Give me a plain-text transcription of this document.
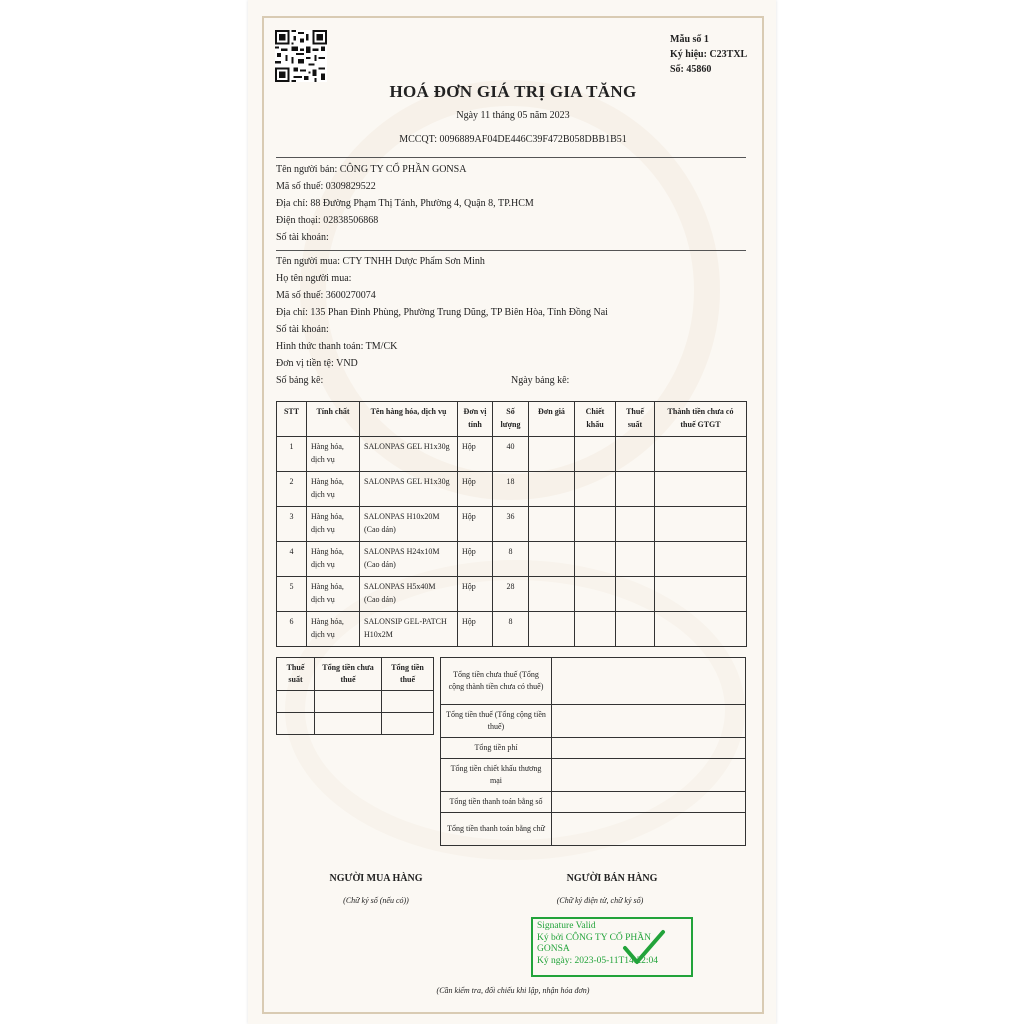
Mẫu số 1
Ký hiệu: C23TXL
Số: 45860
HOÁ ĐƠN GIÁ TRỊ GIA TĂNG
Ngày 11 tháng 05 năm 2023
MCCQT: 0096889AF04DE446C39F472B058DBB1B51
Tên người bán: CÔNG TY CỔ PHẦN GONSA
Mã số thuế: 0309829522
Địa chỉ: 88 Đường Phạm Thị Tánh, Phường 4, Quận 8, TP.HCM
Điện thoại: 02838506868
Số tài khoản:
Tên người mua: CTY TNHH Dược Phẩm Sơn Minh
Họ tên người mua:
Mã số thuế: 3600270074
Địa chỉ: 135 Phan Đình Phùng, Phường Trung Dũng, TP Biên Hòa, Tỉnh Đồng Nai
Số tài khoản:
Hình thức thanh toán: TM/CK
Đơn vị tiền tệ: VND
Số bảng kê:	Ngày bảng kê:
STT	Tính chất	Tên hàng hóa, dịch vụ	Đơn vị tính	Số lượng	Đơn giá	Chiết khấu	Thuế suất	Thành tiền chưa có thuế GTGT
1	Hàng hóa, dịch vụ	SALONPAS GEL H1x30g	Hộp	40				
2	Hàng hóa, dịch vụ	SALONPAS GEL H1x30g	Hộp	18				
3	Hàng hóa, dịch vụ	SALONPAS H10x20M (Cao dán)	Hộp	36				
4	Hàng hóa, dịch vụ	SALONPAS H24x10M (Cao dán)	Hộp	8				
5	Hàng hóa, dịch vụ	SALONPAS H5x40M (Cao dán)	Hộp	28				
6	Hàng hóa, dịch vụ	SALONSIP GEL-PATCH H10x2M	Hộp	8				
Thuế suất	Tổng tiền chưa thuế	Tổng tiền thuế

Tổng tiền chưa thuế (Tổng cộng thành tiền chưa có thuế)	
Tổng tiền thuế (Tổng cộng tiền thuế)	
Tổng tiền phí	
Tổng tiền chiết khấu thương mại	
Tổng tiền thanh toán bằng số	
Tổng tiền thanh toán bằng chữ	
NGƯỜI MUA HÀNG
(Chữ ký số (nếu có))
NGƯỜI BÁN HÀNG
(Chữ ký điện tử, chữ ký số)
Signature Valid
Ký bởi CÔNG TY CỔ PHẦN
GONSA
Ký ngày: 2023-05-11T14:22:04
(Cần kiểm tra, đối chiếu khi lập, nhận hóa đơn)
